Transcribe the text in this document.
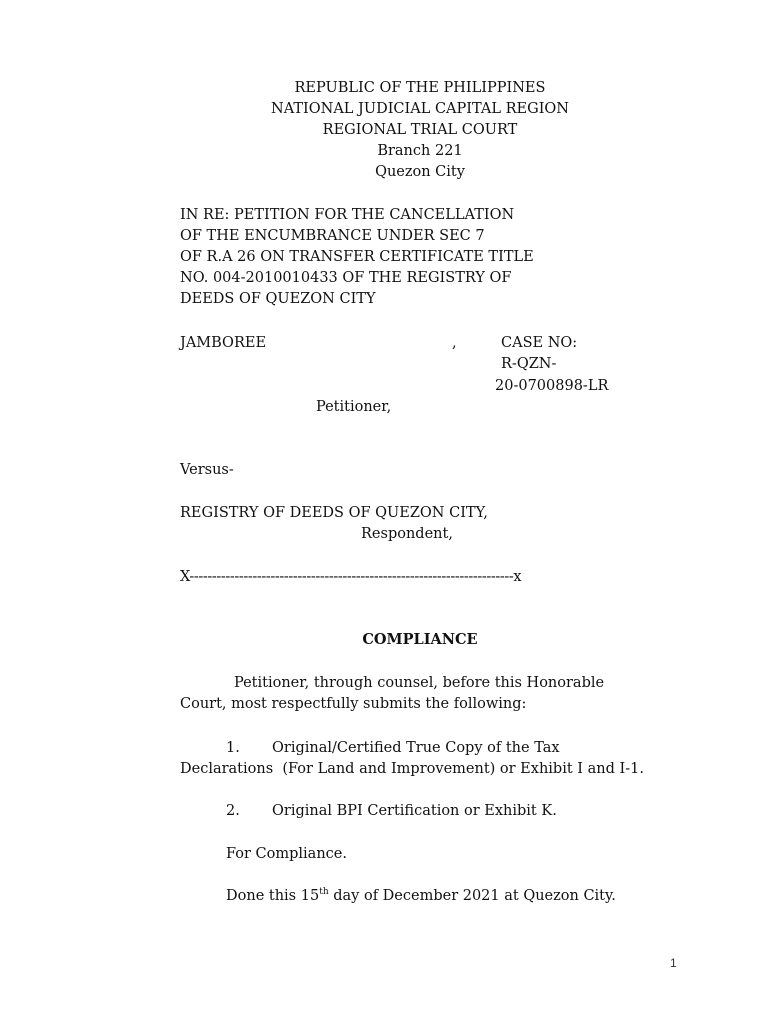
REPUBLIC OF THE PHILIPPINES
NATIONAL JUDICIAL CAPITAL REGION
REGIONAL TRIAL COURT
Branch 221
Quezon City
IN RE: PETITION FOR THE CANCELLATION
OF THE ENCUMBRANCE UNDER SEC 7
OF R.A 26 ON TRANSFER CERTIFICATE TITLE
NO. 004-2010010433 OF THE REGISTRY OF
DEEDS OF QUEZON CITY
JAMBOREE	,	CASE NO:
R-QZN-
20-0700898-LR
Petitioner,
Versus-
REGISTRY OF DEEDS OF QUEZON CITY,
Respondent,
X------------------------------------------------------------------------x
COMPLIANCE
Petitioner, through counsel, before this Honorable
Court, most respectfully submits the following:
1. Original/Certified True Copy of the Tax
Declarations  (For Land and Improvement) or Exhibit I and I-1.
2. Original BPI Certification or Exhibit K.
For Compliance.
Done this 15th day of December 2021 at Quezon City.
1
